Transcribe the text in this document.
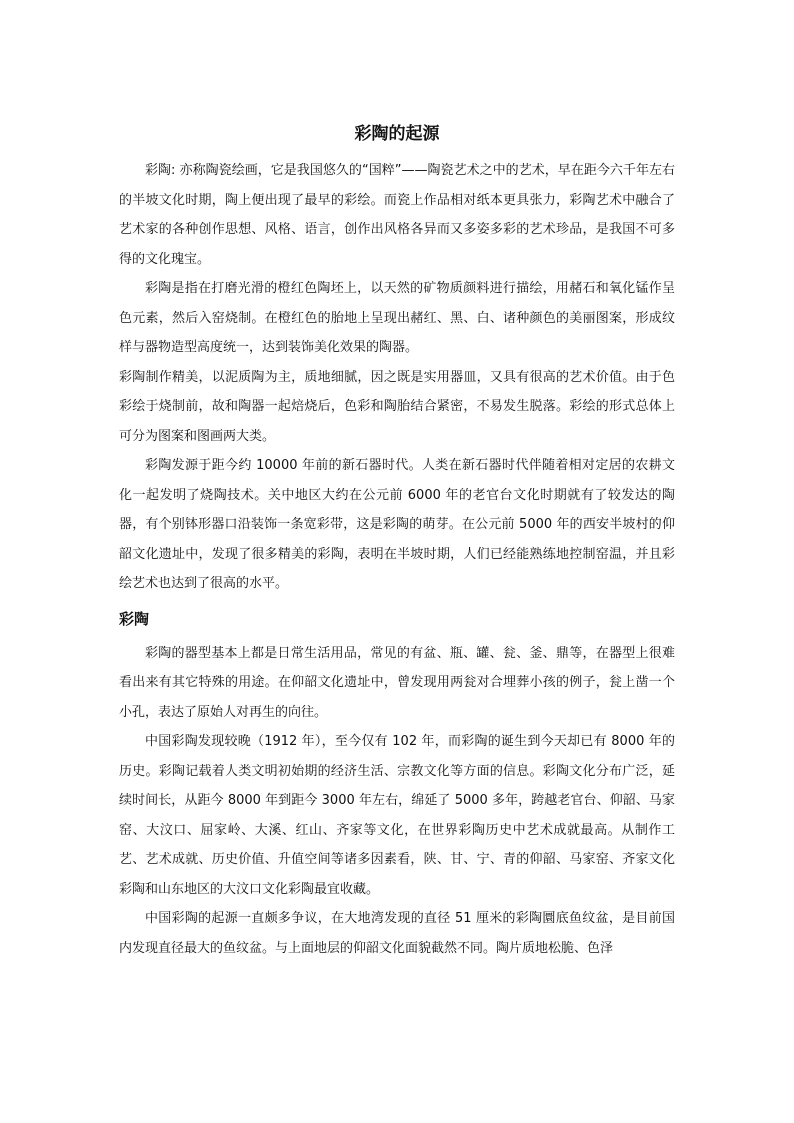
彩陶的起源

彩陶: 亦称陶瓷绘画，它是我国悠久的“国粹”——陶瓷艺术之中的艺术，早在距今六千年左右的半坡文化时期，陶上便出现了最早的彩绘。而瓷上作品相对纸本更具张力，彩陶艺术中融合了艺术家的各种创作思想、风格、语言，创作出风格各异而又多姿多彩的艺术珍品，是我国不可多得的文化瑰宝。

彩陶是指在打磨光滑的橙红色陶坯上，以天然的矿物质颜料进行描绘，用赭石和氧化锰作呈色元素，然后入窑烧制。在橙红色的胎地上呈现出赭红、黑、白、诸种颜色的美丽图案，形成纹样与器物造型高度统一，达到装饰美化效果的陶器。

彩陶制作精美，以泥质陶为主，质地细腻，因之既是实用器皿，又具有很高的艺术价值。由于色彩绘于烧制前，故和陶器一起焙烧后，色彩和陶胎结合紧密，不易发生脱落。彩绘的形式总体上可分为图案和图画两大类。

彩陶发源于距今约 10000 年前的新石器时代。人类在新石器时代伴随着相对定居的农耕文化一起发明了烧陶技术。关中地区大约在公元前 6000 年的老官台文化时期就有了较发达的陶器，有个别钵形器口沿装饰一条宽彩带，这是彩陶的萌芽。在公元前 5000 年的西安半坡村的仰韶文化遗址中，发现了很多精美的彩陶，表明在半坡时期，人们已经能熟练地控制窑温，并且彩绘艺术也达到了很高的水平。

彩陶

彩陶的器型基本上都是日常生活用品，常见的有盆、瓶、罐、瓮、釜、鼎等，在器型上很难看出来有其它特殊的用途。在仰韶文化遗址中，曾发现用两瓮对合埋葬小孩的例子，瓮上凿一个小孔，表达了原始人对再生的向往。

中国彩陶发现较晚（1912 年），至今仅有 102 年，而彩陶的诞生到今天却已有 8000 年的历史。彩陶记载着人类文明初始期的经济生活、宗教文化等方面的信息。彩陶文化分布广泛，延续时间长，从距今 8000 年到距今 3000 年左右，绵延了 5000 多年，跨越老官台、仰韶、马家窑、大汶口、屈家岭、大溪、红山、齐家等文化，在世界彩陶历史中艺术成就最高。从制作工艺、艺术成就、历史价值、升值空间等诸多因素看，陕、甘、宁、青的仰韶、马家窑、齐家文化彩陶和山东地区的大汶口文化彩陶最宜收藏。

中国彩陶的起源一直颇多争议，在大地湾发现的直径 51 厘米的彩陶圜底鱼纹盆，是目前国内发现直径最大的鱼纹盆。与上面地层的仰韶文化面貌截然不同。陶片质地松脆、色泽
